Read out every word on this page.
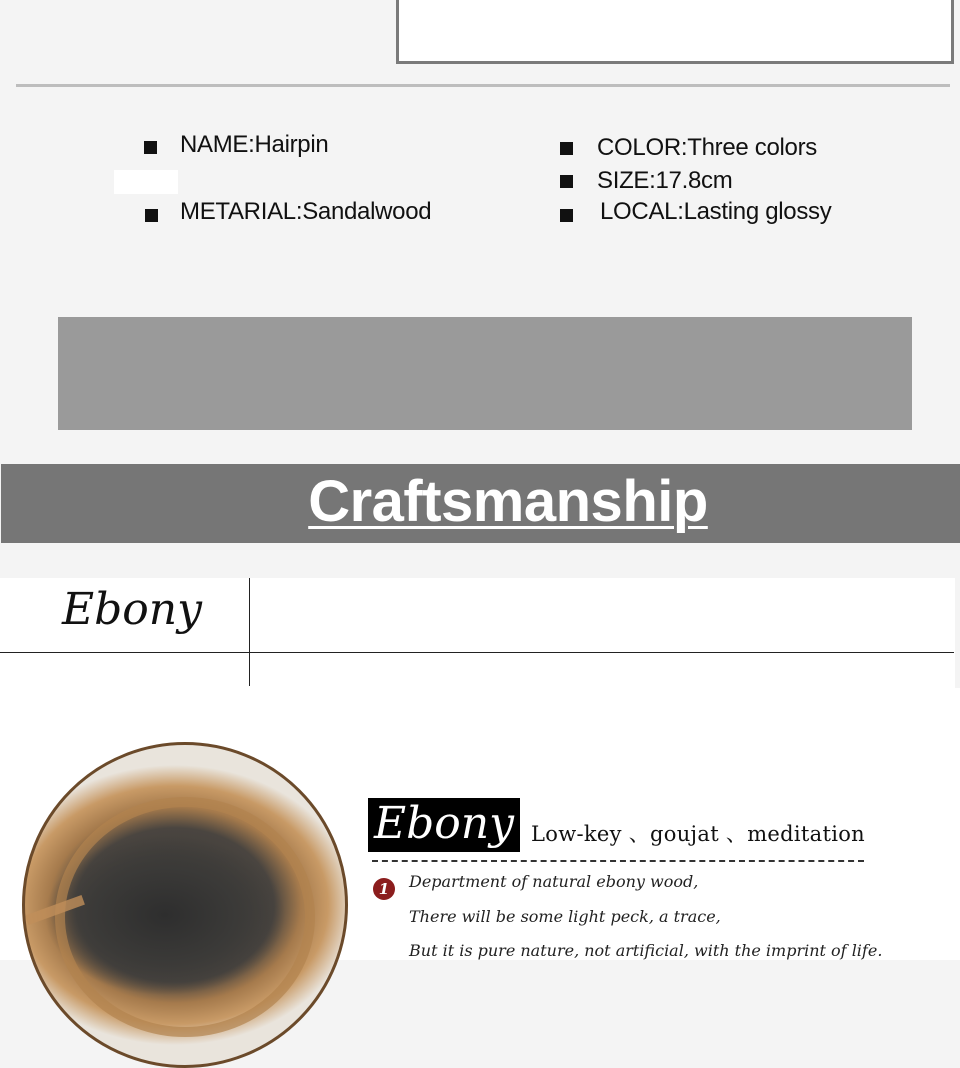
NAME:Hairpin
METARIAL:Sandalwood
COLOR:Three colors
SIZE:17.8cm
LOCAL:Lasting glossy
Craftsmanship
Ebony
Ebony Low-key 、goujat 、meditation
1	Department of natural ebony wood,
There will be some light peck, a trace,
But it is pure nature, not artificial, with the imprint of life.
